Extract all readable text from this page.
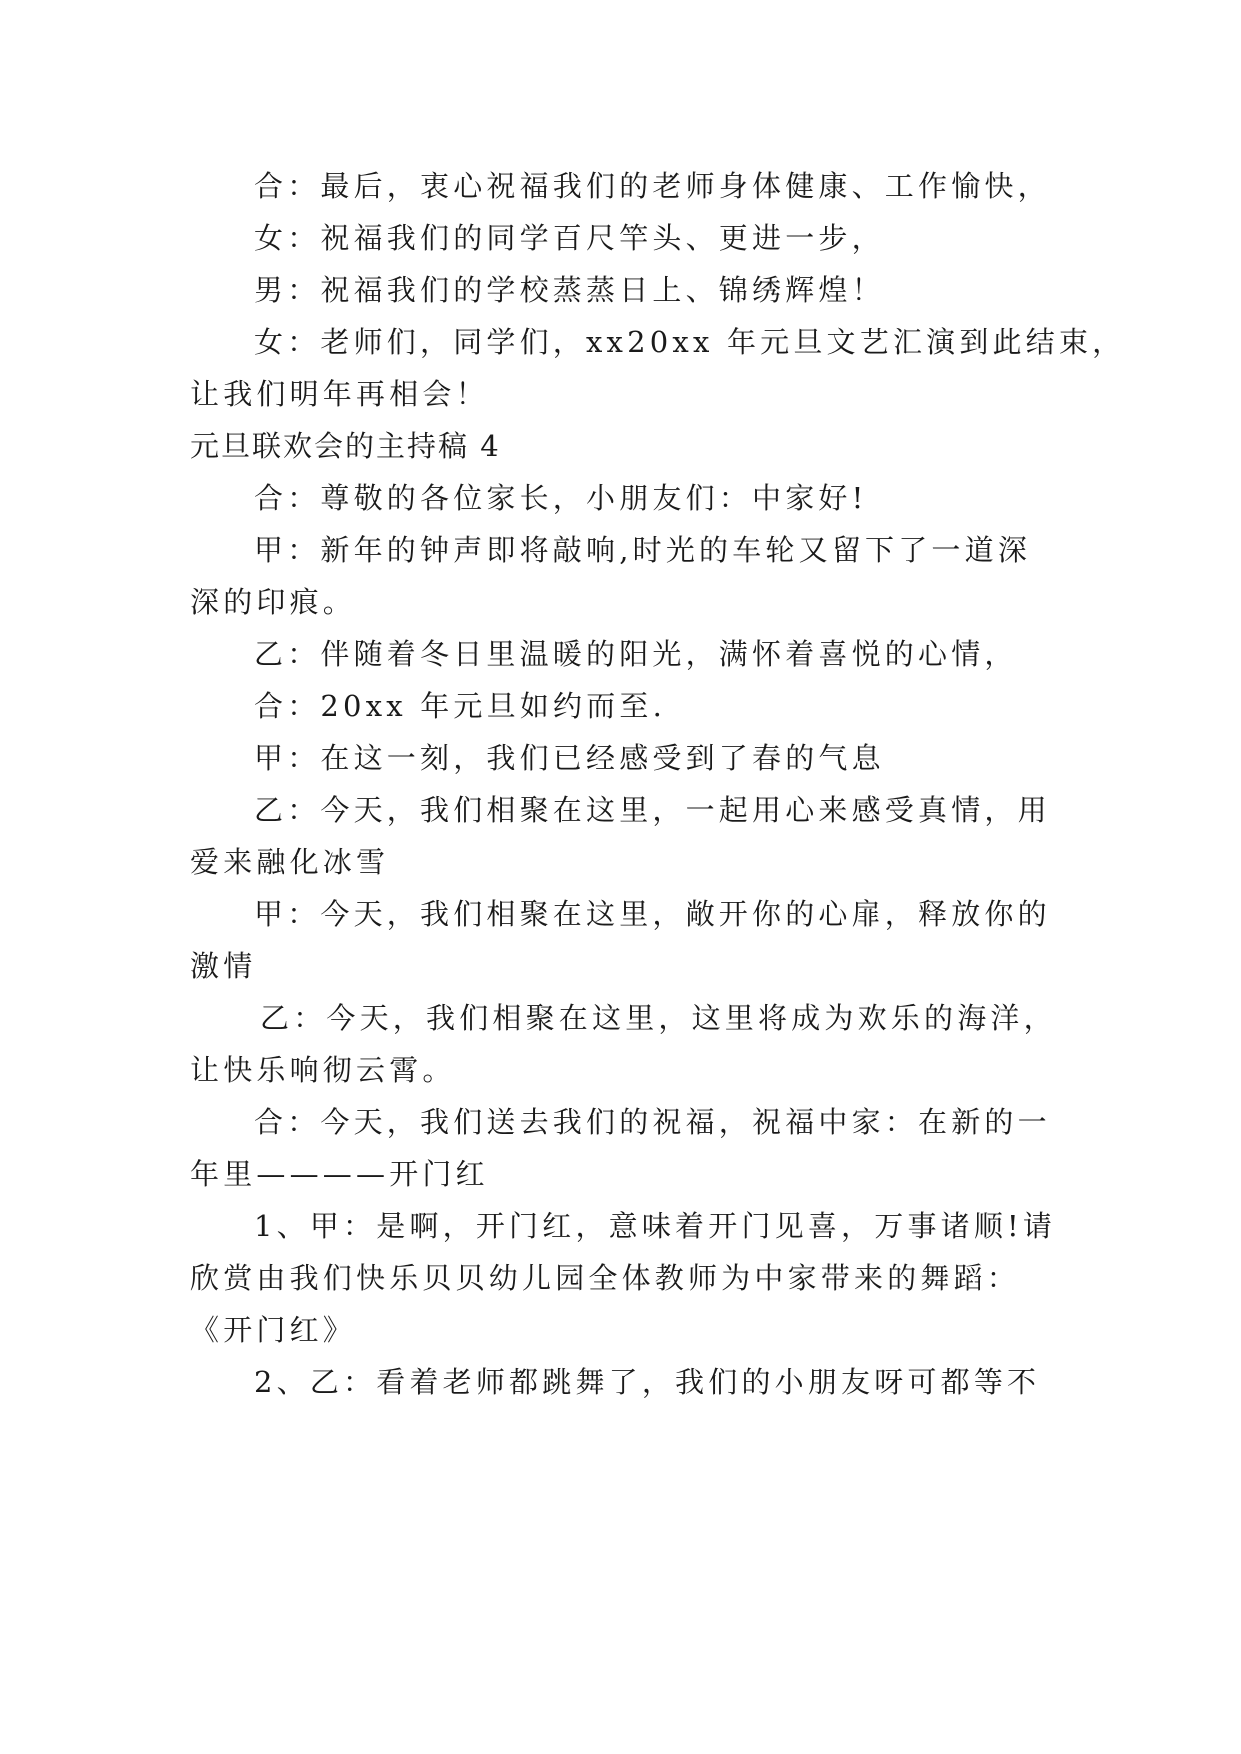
合：最后，衷心祝福我们的老师身体健康、工作愉快，
女：祝福我们的同学百尺竿头、更进一步，
男：祝福我们的学校蒸蒸日上、锦绣辉煌！
女：老师们，同学们，xx20xx 年元旦文艺汇演到此结束，
让我们明年再相会！
元旦联欢会的主持稿 4
合：尊敬的各位家长，小朋友们：中家好!
甲：新年的钟声即将敲响,时光的车轮又留下了一道深
深的印痕。
乙：伴随着冬日里温暖的阳光，满怀着喜悦的心情，
合：20xx 年元旦如约而至.
甲：在这一刻，我们已经感受到了春的气息
乙：今天，我们相聚在这里，一起用心来感受真情，用
爱来融化冰雪
甲：今天，我们相聚在这里，敞开你的心扉，释放你的
激情
乙：今天，我们相聚在这里，这里将成为欢乐的海洋，
让快乐响彻云霄。
合：今天，我们送去我们的祝福，祝福中家：在新的一
年里————开门红
1、甲：是啊，开门红，意味着开门见喜，万事诸顺!请
欣赏由我们快乐贝贝幼儿园全体教师为中家带来的舞蹈：
《开门红》
2、乙：看着老师都跳舞了，我们的小朋友呀可都等不
